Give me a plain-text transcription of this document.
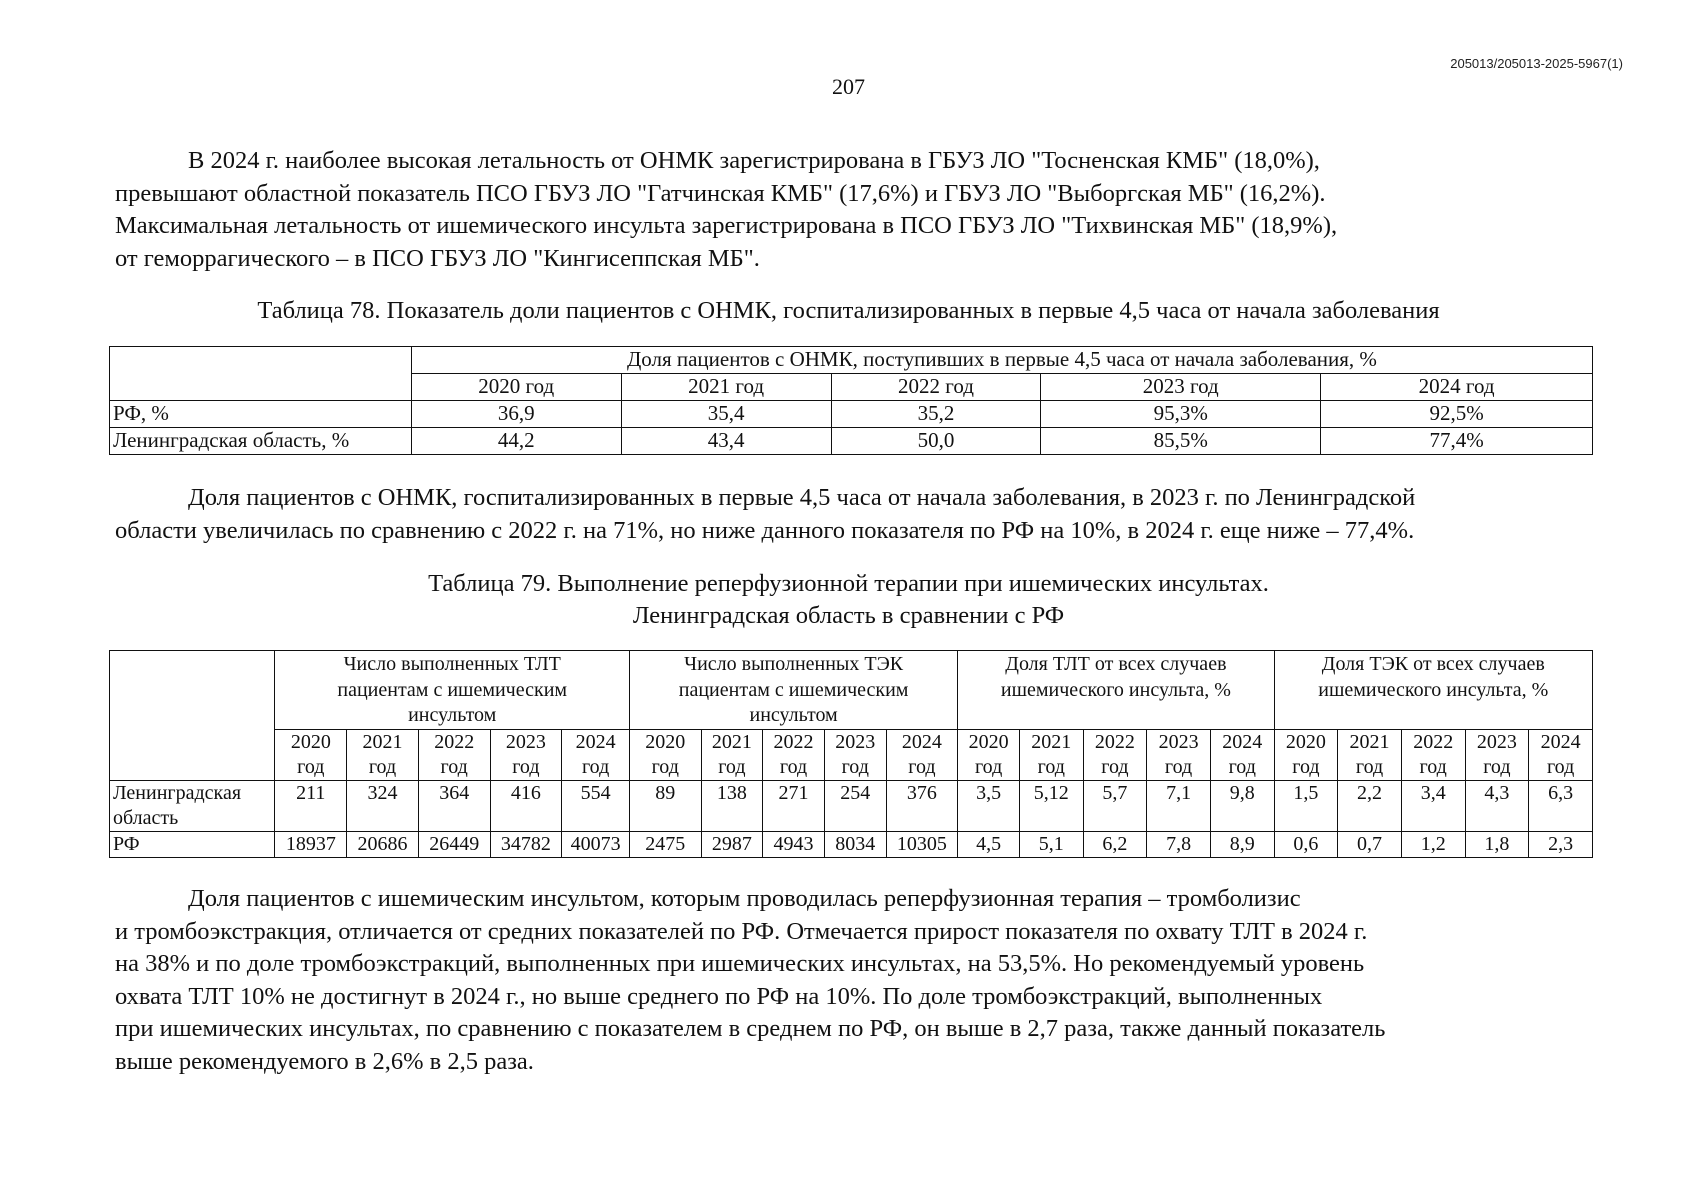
205013/205013-2025-5967(1)
207
В 2024 г. наиболее высокая летальность от ОНМК зарегистрирована в ГБУЗ ЛО "Тосненская КМБ" (18,0%),
превышают областной показатель ПСО ГБУЗ ЛО "Гатчинская КМБ" (17,6%) и ГБУЗ ЛО "Выборгская МБ" (16,2%).
Максимальная летальность от ишемического инсульта зарегистрирована в ПСО ГБУЗ ЛО "Тихвинская МБ" (18,9%),
от геморрагического – в ПСО ГБУЗ ЛО "Кингисеппская МБ".
Таблица 78. Показатель доли пациентов с ОНМК, госпитализированных в первые 4,5 часа от начала заболевания
	Доля пациентов с ОНМК, поступивших в первые 4,5 часа от начала заболевания, %				
	2020 год	2021 год	2022 год	2023 год	2024 год
РФ, %	36,9	35,4	35,2	95,3%	92,5%
Ленинградская область, %	44,2	43,4	50,0	85,5%	77,4%
Доля пациентов с ОНМК, госпитализированных в первые 4,5 часа от начала заболевания, в 2023 г. по Ленинградской
области увеличилась по сравнению с 2022 г. на 71%, но ниже данного показателя по РФ на 10%, в 2024 г. еще ниже – 77,4%.
Таблица 79. Выполнение реперфузионной терапии при ишемических инсультах.
Ленинградская область в сравнении с РФ

	Число выполненных ТЛТ
пациентам с ишемическим
инсультом					Число выполненных ТЭК
пациентам с ишемическим
инсультом					Доля ТЛТ от всех случаев
ишемического инсульта, %					Доля ТЭК от всех случаев
ишемического инсульта, %				

	2020
год	2021
год	2022
год	2023
год	2024
год	2020
год	2021
год	2022
год	2023
год	2024
год	2020
год	2021
год	2022
год	2023
год	2024
год	2020
год	2021
год	2022
год	2023
год	2024
год

Ленинградская
область	211	324	364	416	554	89	138	271	254	376	3,5	5,12	5,7	7,1	9,8	1,5	2,2	3,4	4,3	6,3
РФ	18937	20686	26449	34782	40073	2475	2987	4943	8034	10305	4,5	5,1	6,2	7,8	8,9	0,6	0,7	1,2	1,8	2,3
Доля пациентов с ишемическим инсультом, которым проводилась реперфузионная терапия – тромболизис
и тромбоэкстракция, отличается от средних показателей по РФ. Отмечается прирост показателя по охвату ТЛТ в 2024 г.
на 38% и по доле тромбоэкстракций, выполненных при ишемических инсультах, на 53,5%. Но рекомендуемый уровень
охвата ТЛТ 10% не достигнут в 2024 г., но выше среднего по РФ на 10%. По доле тромбоэкстракций, выполненных
при ишемических инсультах, по сравнению с показателем в среднем по РФ, он выше в 2,7 раза, также данный показатель
выше рекомендуемого в 2,6% в 2,5 раза.
